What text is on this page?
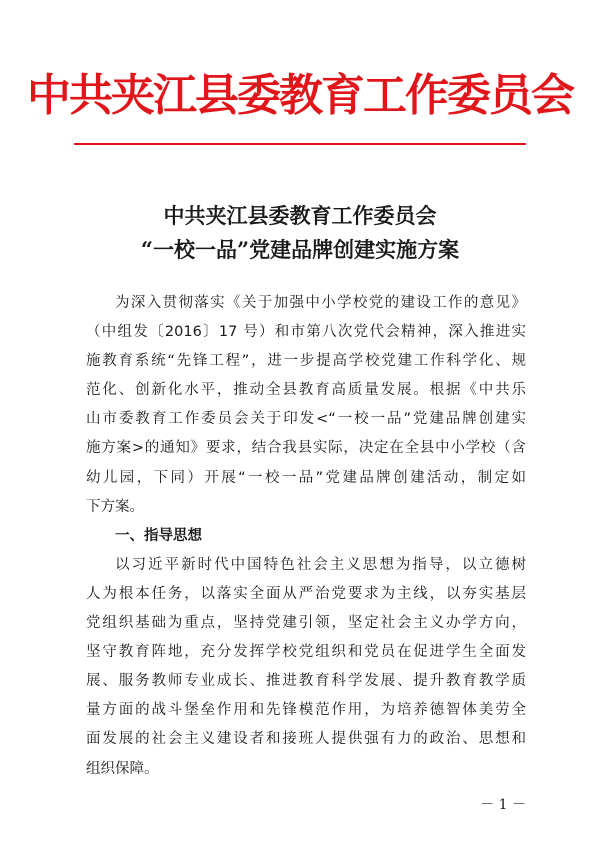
中共夹江县委教育工作委员会
中共夹江县委教育工作委员会
“一校一品”党建品牌创建实施方案
为深入贯彻落实《关于加强中小学校党的建设工作的意见》
（中组发〔2016〕17 号）和市第八次党代会精神，深入推进实
施教育系统“先锋工程”，进一步提高学校党建工作科学化、规
范化、创新化水平，推动全县教育高质量发展。根据《中共乐
山市委教育工作委员会关于印发<“一校一品”党建品牌创建实
施方案>的通知》要求，结合我县实际，决定在全县中小学校（含
幼儿园，下同）开展“一校一品”党建品牌创建活动，制定如
下方案。
一、指导思想
以习近平新时代中国特色社会主义思想为指导，以立德树
人为根本任务，以落实全面从严治党要求为主线，以夯实基层
党组织基础为重点，坚持党建引领，坚定社会主义办学方向，
坚守教育阵地，充分发挥学校党组织和党员在促进学生全面发
展、服务教师专业成长、推进教育科学发展、提升教育教学质
量方面的战斗堡垒作用和先锋模范作用，为培养德智体美劳全
面发展的社会主义建设者和接班人提供强有力的政治、思想和
组织保障。
－ 1 －
